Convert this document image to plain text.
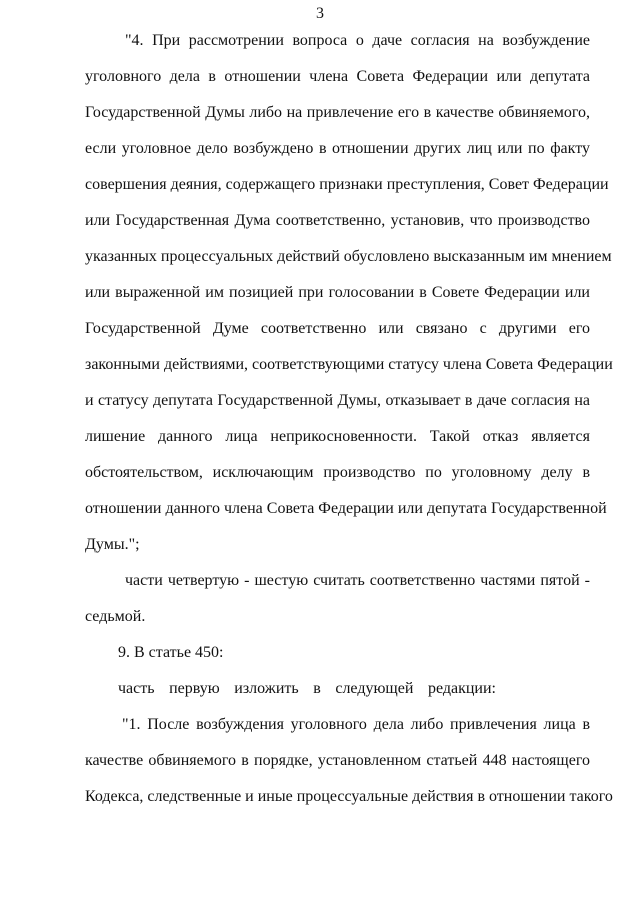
3
"4. При рассмотрении вопроса о даче согласия на возбуждение
уголовного дела в отношении члена Совета Федерации или депутата
Государственной Думы либо на привлечение его в качестве обвиняемого,
если уголовное дело возбуждено в отношении других лиц или по факту
совершения деяния, содержащего признаки преступления, Совет Федерации
или Государственная Дума соответственно, установив, что производство
указанных процессуальных действий обусловлено высказанным им мнением
или выраженной им позицией при голосовании в Совете Федерации или
Государственной Думе соответственно или связано с другими его
законными действиями, соответствующими статусу члена Совета Федерации
и статусу депутата Государственной Думы, отказывает в даче согласия на
лишение данного лица неприкосновенности. Такой отказ является
обстоятельством, исключающим производство по уголовному делу в
отношении данного члена Совета Федерации или депутата Государственной
Думы.";
части четвертую - шестую считать соответственно частями пятой -
седьмой.
9. В статье 450:
часть первую изложить в следующей редакции:
"1. После возбуждения уголовного дела либо привлечения лица в
качестве обвиняемого в порядке, установленном статьей 448 настоящего
Кодекса, следственные и иные процессуальные действия в отношении такого
